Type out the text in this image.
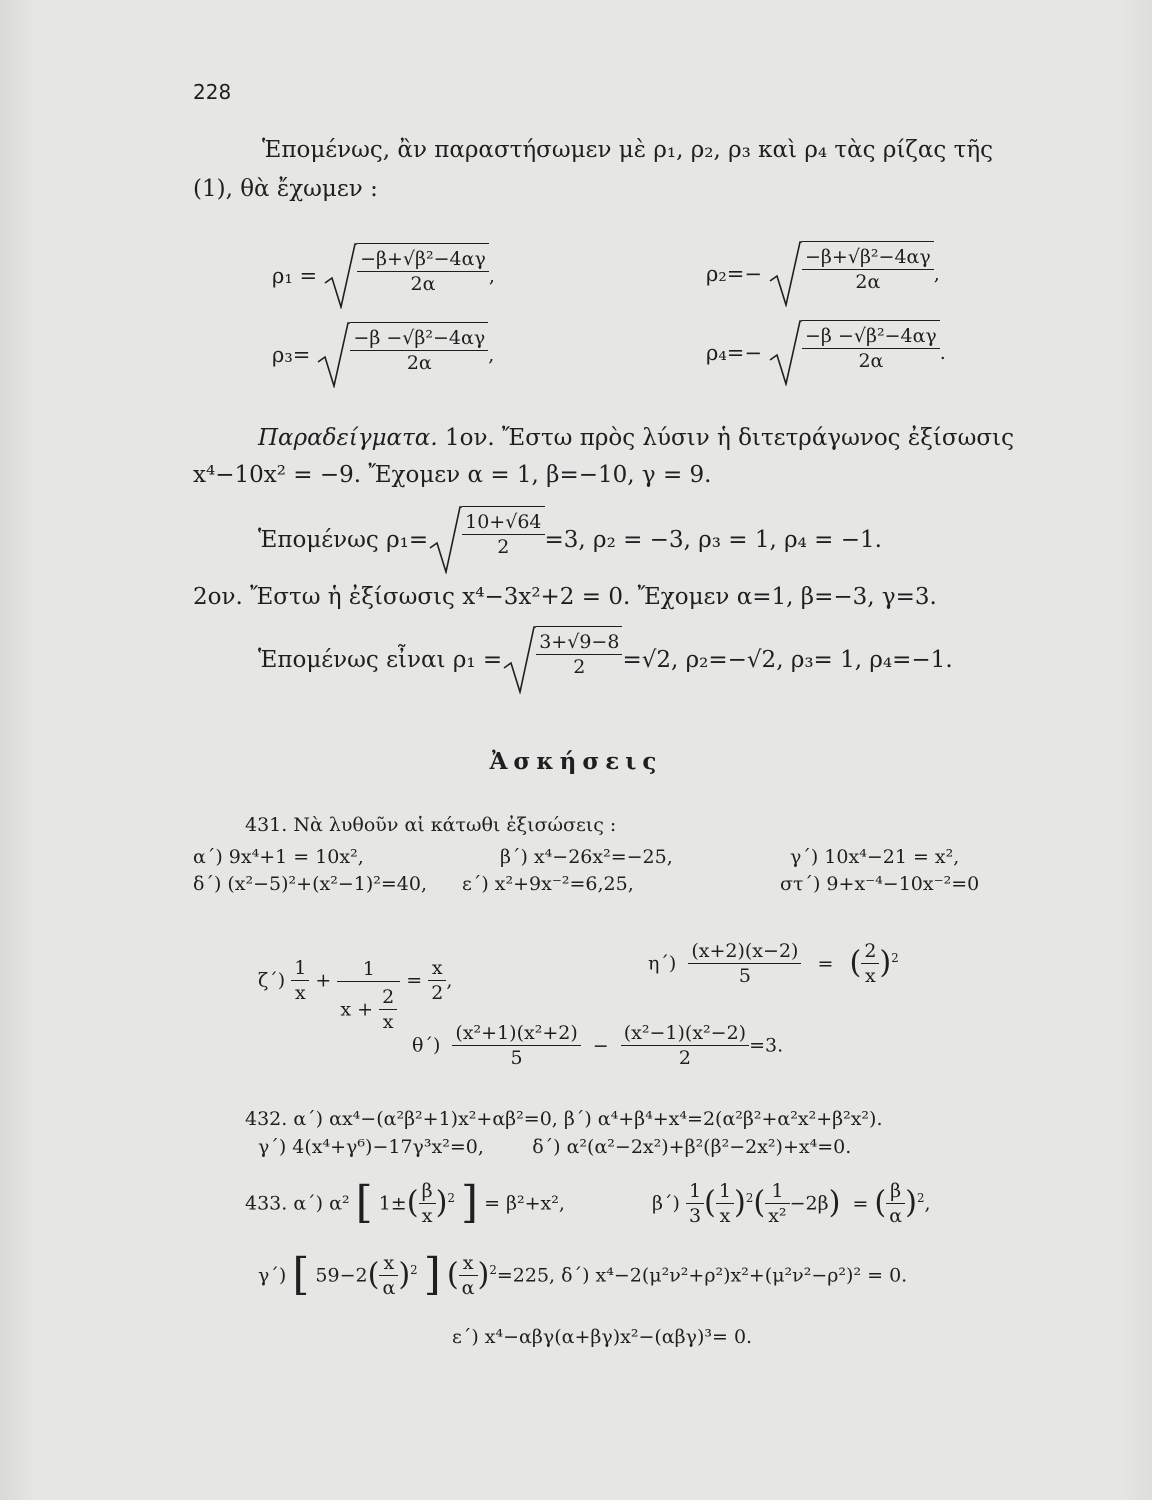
228
Ἑπομένως, ἂν παραστήσωμεν μὲ ρ₁, ρ₂, ρ₃ καὶ ρ₄ τὰς ρίζας τῆς
(1), θὰ ἔχωμεν :
$\rho_1 = \frac{\text{−β+√β²−4αγ}}{2\alpha}$ ,	$\rho_2=- \frac{\text{−β+√β²−4αγ}}{2\alpha}$ ,
$\rho_3= \frac{\text{−β −√β²−4αγ}}{2\alpha}$ ,	$\rho_4=- \frac{\text{−β −√β²−4αγ}}{2\alpha}$ .
Παραδείγματα. 1ον. Ἔστω πρὸς λύσιν ἡ διτετράγωνος ἐξίσωσις
x⁴−10x² = −9. Ἔχομεν α = 1, β=−10, γ = 9.
Ἑπομένως $\rho_1= \frac{10+√64}{2} =3$, ρ₂ = −3, ρ₃ = 1, ρ₄ = −1.
2ον. Ἔστω ἡ ἐξίσωσις x⁴−3x²+2 = 0. Ἔχομεν α=1, β=−3, γ=3.
Ἑπομένως εἶναι $\rho_1 = \frac{3+√9-8}{2} =√2$, ρ₂=−√2, ρ₃= 1, ρ₄=−1.
Ἀσκήσεις
431. Νὰ λυθοῦν αἱ κάτωθι ἐξισώσεις :
α΄) 9x⁴+1 = 10x²,	β΄) x⁴−26x²=−25,	γ΄) 10x⁴−21 = x²,
δ΄) (x²−5)²+(x²−1)²=40, ε΄) x²+9x⁻²=6,25,	στ΄) 9+x⁻⁴−10x⁻²=0
$\zeta΄) \frac{1}{x} + \frac{1}{x + \frac{2}{x}} = \frac{x}{2}$ ,
$\eta΄) \frac{(x+2)(x-2)}{5}$ = ( $\frac{2}{x} )^2$
$\theta΄) \frac{\text{(x²+1)(x²+2)}}{5} - \frac{\text{(x²−1)(x²−2)}}{2} =3$.
432. α΄) αx⁴−(α²β²+1)x²+αβ²=0, β΄) α⁴+β⁴+x⁴=2(α²β²+α²x²+β²x²).
γ΄) 4(x⁴+γ⁶)−17γ³x²=0,        δ΄) α²(α²−2x²)+β²(β²−2x²)+x⁴=0.
433. α΄) α² [ $1\pm( \frac{\beta}{x} )^2$ ] = β²+x²,	$\beta΄) \frac{1}{3}$ ( $\frac{1}{x} )^2( \frac{1}{\text{x²}} -2\beta)$ = ( $\frac{\beta}{\alpha} )^2$,
γ΄) [ $59-2( \frac{x}{\alpha} )^2$ ] ( $\frac{x}{\alpha} )^2=225$, δ΄) x⁴−2(μ²ν²+ρ²)x²+(μ²ν²−ρ²)² = 0.
ε΄) x⁴−αβγ(α+βγ)x²−(αβγ)³= 0.
